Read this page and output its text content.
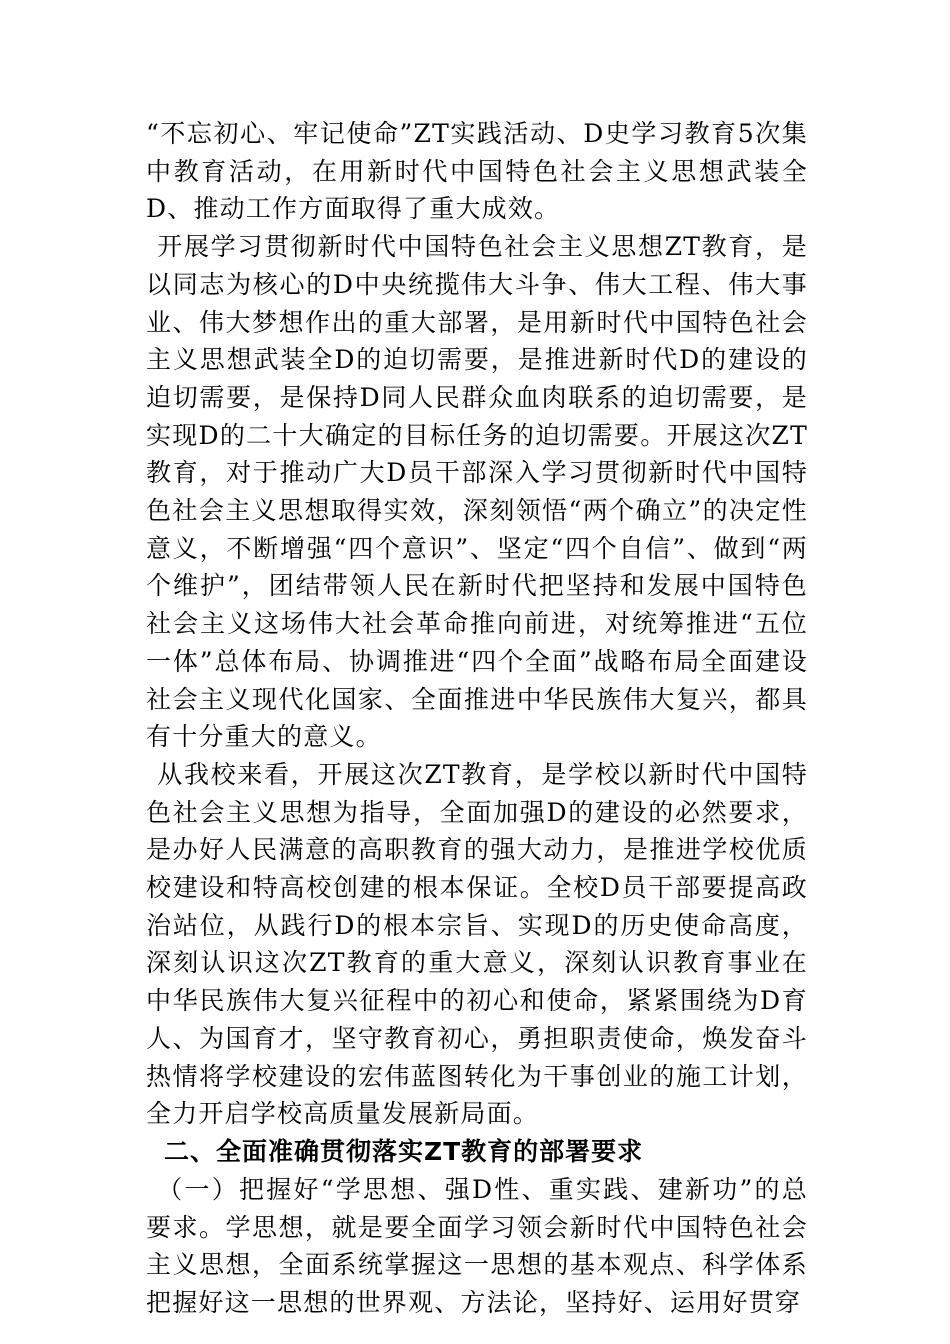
“不忘初心、牢记使命”ZT实践活动、D史学习教育5次集中教育活动，在用新时代中国特色社会主义思想武装全D、推动工作方面取得了重大成效。

开展学习贯彻新时代中国特色社会主义思想ZT教育，是以同志为核心的D中央统揽伟大斗争、伟大工程、伟大事业、伟大梦想作出的重大部署，是用新时代中国特色社会主义思想武装全D的迫切需要，是推进新时代D的建设的迫切需要，是保持D同人民群众血肉联系的迫切需要，是实现D的二十大确定的目标任务的迫切需要。开展这次ZT教育，对于推动广大D员干部深入学习贯彻新时代中国特色社会主义思想取得实效，深刻领悟“两个确立”的决定性意义，不断增强“四个意识”、坚定“四个自信”、做到“两个维护”，团结带领人民在新时代把坚持和发展中国特色社会主义这场伟大社会革命推向前进，对统筹推进“五位一体”总体布局、协调推进“四个全面”战略布局全面建设社会主义现代化国家、全面推进中华民族伟大复兴，都具有十分重大的意义。

从我校来看，开展这次ZT教育，是学校以新时代中国特色社会主义思想为指导，全面加强D的建设的必然要求，是办好人民满意的高职教育的强大动力，是推进学校优质校建设和特高校创建的根本保证。全校D员干部要提高政治站位，从践行D的根本宗旨、实现D的历史使命高度，深刻认识这次ZT教育的重大意义，深刻认识教育事业在中华民族伟大复兴征程中的初心和使命，紧紧围绕为D育人、为国育才，坚守教育初心，勇担职责使命，焕发奋斗热情将学校建设的宏伟蓝图转化为干事创业的施工计划，全力开启学校高质量发展新局面。

二、全面准确贯彻落实ZT教育的部署要求

（一）把握好“学思想、强D性、重实践、建新功”的总要求。学思想，就是要全面学习领会新时代中国特色社会主义思想，全面系统掌握这一思想的基本观点、科学体系把握好这一思想的世界观、方法论，坚持好、运用好贯穿
